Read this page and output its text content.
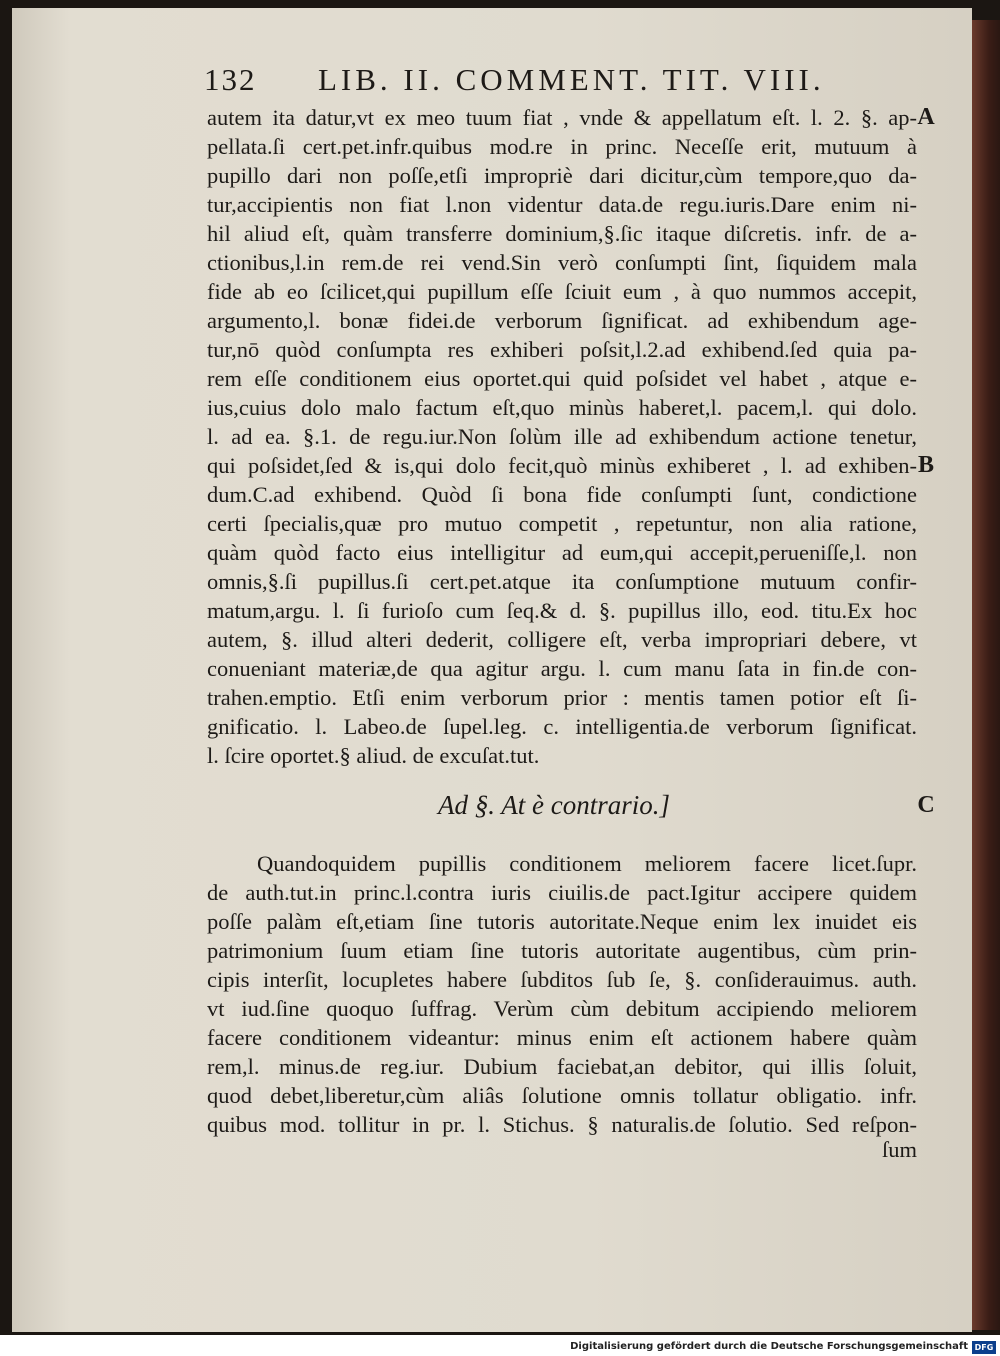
132 LIB. II. COMMENT. TIT. VIII.
autem ita datur,vt ex meo tuum fiat , vnde & appellatum eſt. l. 2. §. ap-
pellata.ſi cert.pet.infr.quibus mod.re in princ. Neceſſe erit, mutuum à
pupillo dari non poſſe,etſi impropriè dari dicitur,cùm tempore,quo da-
tur,accipientis non fiat l.non videntur data.de regu.iuris.Dare enim ni-
hil aliud eſt, quàm transferre dominium,§.ſic itaque diſcretis. infr. de a-
ctionibus,l.in rem.de rei vend.Sin verò conſumpti ſint, ſiquidem mala
fide ab eo ſcilicet,qui pupillum eſſe ſciuit eum , à quo nummos accepit,
argumento,l. bonæ fidei.de verborum ſignificat. ad exhibendum age-
tur,nō quòd conſumpta res exhiberi poſsit,l.2.ad exhibend.ſed quia pa-
rem eſſe conditionem eius oportet.qui quid poſsidet vel habet , atque e-
ius,cuius dolo malo factum eſt,quo minùs haberet,l. pacem,l. qui dolo.
l. ad ea. §.1. de regu.iur.Non ſolùm ille ad exhibendum actione tenetur,
qui poſsidet,ſed & is,qui dolo fecit,quò minùs exhiberet , l. ad exhiben-
dum.C.ad exhibend. Quòd ſi bona fide conſumpti ſunt, condictione
certi ſpecialis,quæ pro mutuo competit , repetuntur, non alia ratione,
quàm quòd facto eius intelligitur ad eum,qui accepit,perueniſſe,l. non
omnis,§.ſi pupillus.ſi cert.pet.atque ita conſumptione mutuum confir-
matum,argu. l. ſi furioſo cum ſeq.& d. §. pupillus illo, eod. titu.Ex hoc
autem, §. illud alteri dederit, colligere eſt, verba impropriari debere, vt
conueniant materiæ,de qua agitur argu. l. cum manu ſata in fin.de con-
trahen.emptio. Etſi enim verborum prior : mentis tamen potior eſt ſi-
gnificatio. l. Labeo.de ſupel.leg. c. intelligentia.de verborum ſignificat.
l. ſcire oportet.§ aliud. de excuſat.tut.
A
B
C
Ad §. At è contrario.]
Quandoquidem pupillis conditionem meliorem facere licet.ſupr.
de auth.tut.in princ.l.contra iuris ciuilis.de pact.Igitur accipere quidem
poſſe palàm eſt,etiam ſine tutoris autoritate.Neque enim lex inuidet eis
patrimonium ſuum etiam ſine tutoris autoritate augentibus, cùm prin-
cipis interſit, locupletes habere ſubditos ſub ſe, §. conſiderauimus. auth.
vt iud.ſine quoquo ſuffrag. Verùm cùm debitum accipiendo meliorem
facere conditionem videantur: minus enim eſt actionem habere quàm
rem,l. minus.de reg.iur. Dubium faciebat,an debitor, qui illis ſoluit,
quod debet,liberetur,cùm aliâs ſolutione omnis tollatur obligatio. infr.
quibus mod. tollitur in pr. l. Stichus. § naturalis.de ſolutio. Sed reſpon-
ſum
Digitalisierung gefördert durch die Deutsche Forschungsgemeinschaft DFG
